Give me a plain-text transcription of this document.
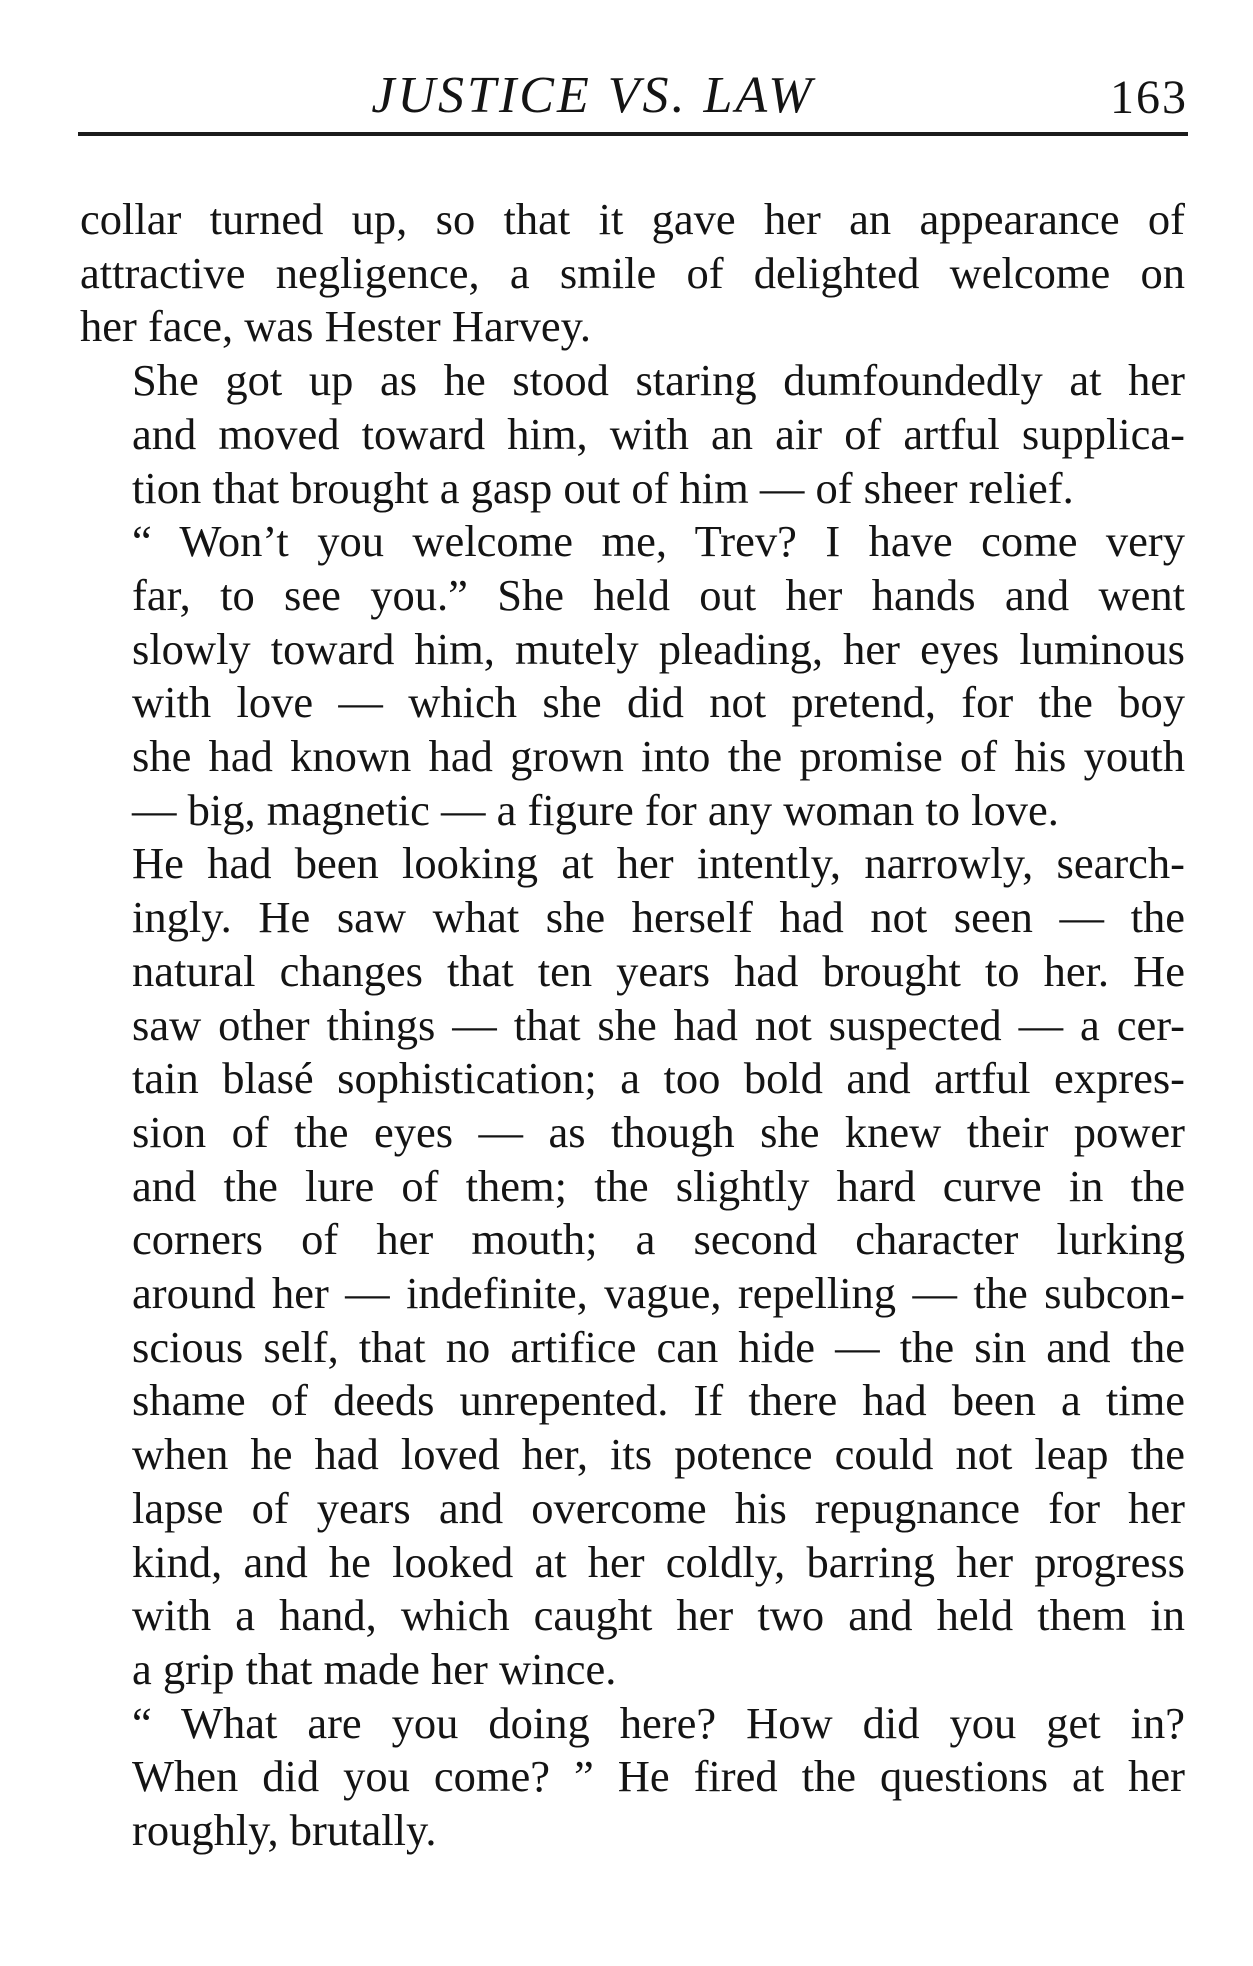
JUSTICE VS. LAW	163

collar turned up, so that it gave her an appearance of
attractive negligence, a smile of delighted welcome on
her face, was Hester Harvey.

She got up as he stood staring dumfoundedly at her
and moved toward him, with an air of artful supplica-
tion that brought a gasp out of him — of sheer relief.

“ Won’t you welcome me, Trev? I have come very
far, to see you.” She held out her hands and went
slowly toward him, mutely pleading, her eyes luminous
with love — which she did not pretend, for the boy
she had known had grown into the promise of his youth
— big, magnetic — a figure for any woman to love.

He had been looking at her intently, narrowly, search-
ingly. He saw what she herself had not seen — the
natural changes that ten years had brought to her. He
saw other things — that she had not suspected — a cer-
tain blasé sophistication; a too bold and artful expres-
sion of the eyes — as though she knew their power
and the lure of them; the slightly hard curve in the
corners of her mouth; a second character lurking
around her — indefinite, vague, repelling — the subcon-
scious self, that no artifice can hide — the sin and the
shame of deeds unrepented. If there had been a time
when he had loved her, its potence could not leap the
lapse of years and overcome his repugnance for her
kind, and he looked at her coldly, barring her progress
with a hand, which caught her two and held them in
a grip that made her wince.

“ What are you doing here? How did you get in?
When did you come? ” He fired the questions at her
roughly, brutally.
